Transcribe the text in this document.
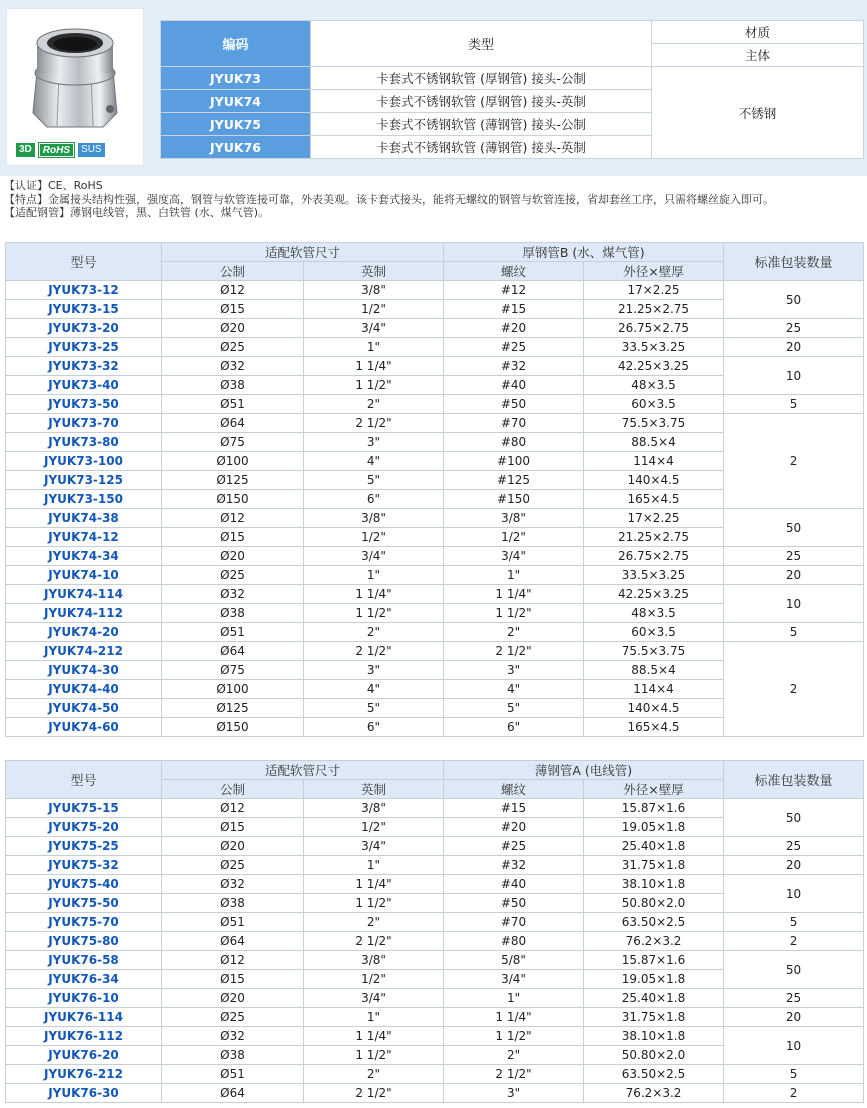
3D	RoHS	SUS
编码	类型	材质
		主体
JYUK73	卡套式不锈钢软管 (厚钢管) 接头-公制	不锈钢
JYUK74	卡套式不锈钢软管 (厚钢管) 接头-英制	
JYUK75	卡套式不锈钢软管 (薄钢管) 接头-公制	
JYUK76	卡套式不锈钢软管 (薄钢管) 接头-英制	
【认证】CE、RoHS
【特点】金属接头结构性强，强度高，钢管与软管连接可靠，外表美观。该卡套式接头，能将无螺纹的钢管与软管连接，省却套丝工序，只需将螺丝旋入即可。
【适配钢管】薄钢电线管，黑、白铁管 (水、煤气管)。
型号	适配软管尺寸		厚钢管B (水、煤气管)		标准包装数量
	公制	英制	螺纹	外径×壁厚	
JYUK73-12	Ø12	3/8"	#12	17×2.25	50
JYUK73-15	Ø15	1/2"	#15	21.25×2.75	
JYUK73-20	Ø20	3/4"	#20	26.75×2.75	25
JYUK73-25	Ø25	1"	#25	33.5×3.25	20
JYUK73-32	Ø32	1 1/4"	#32	42.25×3.25	10
JYUK73-40	Ø38	1 1/2"	#40	48×3.5	
JYUK73-50	Ø51	2"	#50	60×3.5	5
JYUK73-70	Ø64	2 1/2"	#70	75.5×3.75	2
JYUK73-80	Ø75	3"	#80	88.5×4	
JYUK73-100	Ø100	4"	#100	114×4	
JYUK73-125	Ø125	5"	#125	140×4.5	
JYUK73-150	Ø150	6"	#150	165×4.5	
JYUK74-38	Ø12	3/8"	3/8"	17×2.25	50
JYUK74-12	Ø15	1/2"	1/2"	21.25×2.75	
JYUK74-34	Ø20	3/4"	3/4"	26.75×2.75	25
JYUK74-10	Ø25	1"	1"	33.5×3.25	20
JYUK74-114	Ø32	1 1/4"	1 1/4"	42.25×3.25	10
JYUK74-112	Ø38	1 1/2"	1 1/2"	48×3.5	
JYUK74-20	Ø51	2"	2"	60×3.5	5
JYUK74-212	Ø64	2 1/2"	2 1/2"	75.5×3.75	2
JYUK74-30	Ø75	3"	3"	88.5×4	
JYUK74-40	Ø100	4"	4"	114×4	
JYUK74-50	Ø125	5"	5"	140×4.5	
JYUK74-60	Ø150	6"	6"	165×4.5	
型号	适配软管尺寸		薄钢管A (电线管)		标准包装数量
	公制	英制	螺纹	外径×壁厚	
JYUK75-15	Ø12	3/8"	#15	15.87×1.6	50
JYUK75-20	Ø15	1/2"	#20	19.05×1.8	
JYUK75-25	Ø20	3/4"	#25	25.40×1.8	25
JYUK75-32	Ø25	1"	#32	31.75×1.8	20
JYUK75-40	Ø32	1 1/4"	#40	38.10×1.8	10
JYUK75-50	Ø38	1 1/2"	#50	50.80×2.0	
JYUK75-70	Ø51	2"	#70	63.50×2.5	5
JYUK75-80	Ø64	2 1/2"	#80	76.2×3.2	2
JYUK76-58	Ø12	3/8"	5/8"	15.87×1.6	50
JYUK76-34	Ø15	1/2"	3/4"	19.05×1.8	
JYUK76-10	Ø20	3/4"	1"	25.40×1.8	25
JYUK76-114	Ø25	1"	1 1/4"	31.75×1.8	20
JYUK76-112	Ø32	1 1/4"	1 1/2"	38.10×1.8	10
JYUK76-20	Ø38	1 1/2"	2"	50.80×2.0	
JYUK76-212	Ø51	2"	2 1/2"	63.50×2.5	5
JYUK76-30	Ø64	2 1/2"	3"	76.2×3.2	2
